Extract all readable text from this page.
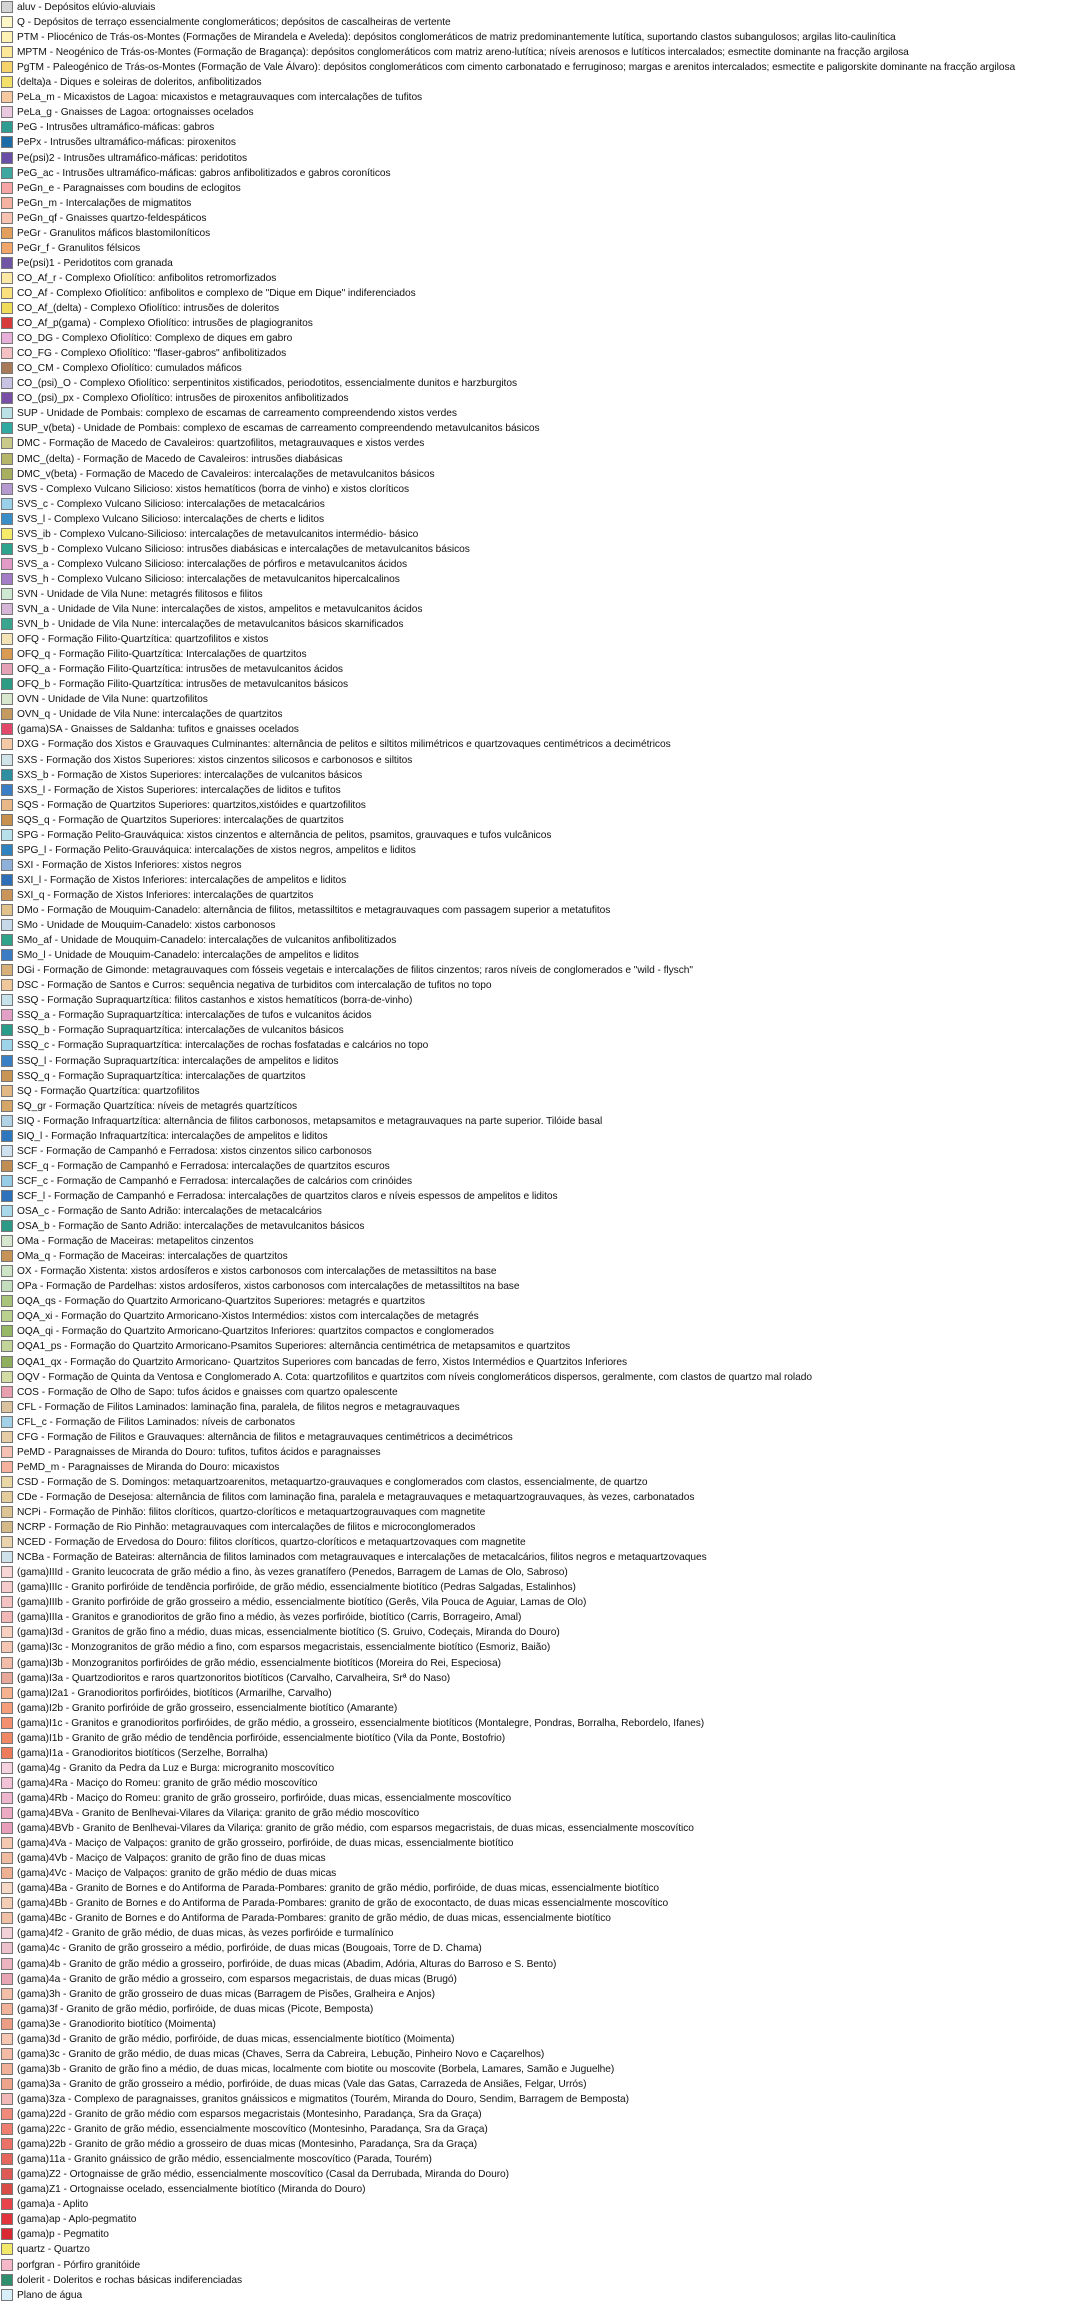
aluv - Depósitos elúvio-aluviais
Q - Depósitos de terraço essencialmente conglomeráticos; depósitos de cascalheiras de vertente
PTM - Pliocénico de Trás-os-Montes (Formações de Mirandela e Aveleda): depósitos conglomeráticos de matriz predominantemente lutítica, suportando clastos subangulosos; argilas lito-caulinítica
MPTM - Neogénico de Trás-os-Montes (Formação de Bragança): depósitos conglomeráticos com matriz areno-lutítica; níveis arenosos e lutíticos intercalados; esmectite dominante na fracção argilosa
PgTM - Paleogénico de Trás-os-Montes (Formação de Vale Álvaro): depósitos conglomeráticos com cimento carbonatado e ferruginoso; margas e arenitos intercalados; esmectite e paligorskite dominante na fracção argilosa
(delta)a - Diques e soleiras de doleritos, anfibolitizados
PeLa_m - Micaxistos de Lagoa: micaxistos e metagrauvaques com intercalações de tufitos
PeLa_g - Gnaisses de Lagoa: ortognaisses ocelados
PeG - Intrusões ultramáfico-máficas: gabros
PePx - Intrusões ultramáfico-máficas: piroxenitos
Pe(psi)2 - Intrusões ultramáfico-máficas: peridotitos
PeG_ac - Intrusões ultramáfico-máficas: gabros anfibolitizados e gabros coroníticos
PeGn_e - Paragnaisses com boudins de eclogitos
PeGn_m - Intercalações de migmatitos
PeGn_qf - Gnaisses quartzo-feldespáticos
PeGr - Granulitos máficos blastomiloníticos
PeGr_f - Granulitos félsicos
Pe(psi)1 - Peridotitos com granada
CO_Af_r - Complexo Ofiolítico: anfibolitos retromorfizados
CO_Af - Complexo Ofiolítico: anfibolitos e complexo de "Dique em Dique" indiferenciados
CO_Af_(delta) - Complexo Ofiolítico: intrusões de doleritos
CO_Af_p(gama) - Complexo Ofiolítico: intrusões de plagiogranitos
CO_DG - Complexo Ofiolítico: Complexo de diques em gabro
CO_FG - Complexo Ofiolítico: "flaser-gabros" anfibolitizados
CO_CM - Complexo Ofiolítico: cumulados máficos
CO_(psi)_O - Complexo Ofiolítico: serpentinitos xistificados, periodotitos, essencialmente dunitos e harzburgitos
CO_(psi)_px - Complexo Ofiolítico: intrusões de piroxenitos anfibolitizados
SUP - Unidade de Pombais: complexo de escamas de carreamento compreendendo xistos verdes
SUP_v(beta) - Unidade de Pombais: complexo de escamas de carreamento compreendendo metavulcanitos básicos
DMC - Formação de Macedo de Cavaleiros: quartzofilitos, metagrauvaques e xistos verdes
DMC_(delta) - Formação de Macedo de Cavaleiros: intrusões diabásicas
DMC_v(beta) - Formação de Macedo de Cavaleiros: intercalações de metavulcanitos básicos
SVS - Complexo Vulcano Silicioso: xistos hematíticos (borra de vinho) e xistos cloríticos
SVS_c - Complexo Vulcano Silicioso: intercalações de metacalcários
SVS_l - Complexo Vulcano Silicioso: intercalações de cherts e liditos
SVS_ib - Complexo Vulcano-Silicioso: intercalações de metavulcanitos intermédio- básico
SVS_b - Complexo Vulcano Silicioso: intrusões diabásicas e intercalações de metavulcanitos básicos
SVS_a - Complexo Vulcano Silicioso: intercalações de pórfiros e metavulcanitos ácidos
SVS_h - Complexo Vulcano Silicioso: intercalações de metavulcanitos hipercalcalinos
SVN - Unidade de Vila Nune: metagrés filitosos e filitos
SVN_a - Unidade de Vila Nune: intercalações de xistos, ampelitos e metavulcanitos ácidos
SVN_b - Unidade de Vila Nune: intercalações de metavulcanitos básicos skarnificados
OFQ - Formação Filito-Quartzítica: quartzofilitos e xistos
OFQ_q - Formação Filito-Quartzítica: Intercalações de quartzitos
OFQ_a - Formação Filito-Quartzítica: intrusões de metavulcanitos ácidos
OFQ_b - Formação Filito-Quartzítica: intrusões de metavulcanitos básicos
OVN - Unidade de Vila Nune: quartzofilitos
OVN_q - Unidade de Vila Nune: intercalações de quartzitos
(gama)SA - Gnaisses de Saldanha: tufitos e gnaisses ocelados
DXG - Formação dos Xistos e Grauvaques Culminantes: alternância de pelitos e siltitos milimétricos e quartzovaques centimétricos a decimétricos
SXS - Formação dos Xistos Superiores: xistos cinzentos silicosos e carbonosos e siltitos
SXS_b - Formação de Xistos Superiores: intercalações de vulcanitos básicos
SXS_l - Formação de Xistos Superiores: intercalações de liditos e tufitos
SQS - Formação de Quartzitos Superiores: quartzitos,xistóides e quartzofilitos
SQS_q - Formação de Quartzitos Superiores: intercalações de quartzitos
SPG - Formação Pelito-Grauváquica: xistos cinzentos e alternância de pelitos, psamitos, grauvaques e tufos vulcânicos
SPG_l - Formação Pelito-Grauváquica: intercalações de xistos negros, ampelitos e liditos
SXI - Formação de Xistos Inferiores: xistos negros
SXI_l - Formação de Xistos Inferiores: intercalações de ampelitos e liditos
SXI_q - Formação de Xistos Inferiores: intercalações de quartzitos
DMo - Formação de Mouquim-Canadelo: alternância de filitos, metassiltitos e metagrauvaques com passagem superior a metatufitos
SMo - Unidade de Mouquim-Canadelo: xistos carbonosos
SMo_af - Unidade de Mouquim-Canadelo: intercalações de vulcanitos anfibolitizados
SMo_l - Unidade de Mouquim-Canadelo: intercalações de ampelitos e liditos
DGi - Formação de Gimonde: metagrauvaques com fósseis vegetais e intercalações de filitos cinzentos; raros níveis de conglomerados e "wild - flysch"
DSC - Formação de Santos e Curros: sequência negativa de turbiditos com intercalação de tufitos no topo
SSQ - Formação Supraquartzítica: filitos castanhos e xistos hematíticos (borra-de-vinho)
SSQ_a - Formação Supraquartzítica: intercalações de tufos e vulcanitos ácidos
SSQ_b - Formação Supraquartzítica: intercalações de vulcanitos básicos
SSQ_c - Formação Supraquartzítica: intercalações de rochas fosfatadas e calcários no topo
SSQ_l - Formação Supraquartzítica: intercalações de ampelitos e liditos
SSQ_q - Formação Supraquartzítica: intercalações de quartzitos
SQ - Formação Quartzítica: quartzofilitos
SQ_gr - Formação Quartzítica: níveis de metagrés quartzíticos
SIQ - Formação Infraquartzítica: alternância de filitos carbonosos, metapsamitos e metagrauvaques na parte superior. Tilóide basal
SIQ_l - Formação Infraquartzítica: intercalações de ampelitos e liditos
SCF - Formação de Campanhó e Ferradosa: xistos cinzentos silico carbonosos
SCF_q - Formação de Campanhó e Ferradosa: intercalações de quartzitos escuros
SCF_c - Formação de Campanhó e Ferradosa: intercalações de calcários com crinóides
SCF_l - Formação de Campanhó e Ferradosa: intercalações de quartzitos claros e níveis espessos de ampelitos e liditos
OSA_c - Formação de Santo Adrião: intercalações de metacalcários
OSA_b - Formação de Santo Adrião: intercalações de metavulcanitos básicos
OMa - Formação de Maceiras: metapelitos cinzentos
OMa_q - Formação de Maceiras: intercalações de quartzitos
OX - Formação Xistenta: xistos ardosíferos e xistos carbonosos com intercalações de metassiltitos na base
OPa - Formação de Pardelhas: xistos ardosíferos, xistos carbonosos com intercalações de metassiltitos na base
OQA_qs - Formação do Quartzito Armoricano-Quartzitos Superiores: metagrés e quartzitos
OQA_xi - Formação do Quartzito Armoricano-Xistos Intermédios: xistos com intercalações de metagrés
OQA_qi - Formação do Quartzito Armoricano-Quartzitos Inferiores: quartzitos compactos e conglomerados
OQA1_ps - Formação do Quartzito Armoricano-Psamitos Superiores: alternância centimétrica de metapsamitos e quartzitos
OQA1_qx - Formação do Quartzito Armoricano- Quartzitos Superiores com bancadas de ferro, Xistos Intermédios e Quartzitos Inferiores
OQV - Formação de Quinta da Ventosa e Conglomerado A. Cota: quartzofilitos e quartzitos com níveis conglomeráticos dispersos, geralmente, com clastos de quartzo mal rolado
COS - Formação de Olho de Sapo: tufos ácidos e gnaisses com quartzo opalescente
CFL - Formação de Filitos Laminados: laminação fina, paralela, de filitos negros e metagrauvaques
CFL_c - Formação de Filitos Laminados: níveis de carbonatos
CFG - Formação de Filitos e Grauvaques: alternância de filitos e metagrauvaques centimétricos a decimétricos
PeMD - Paragnaisses de Miranda do Douro: tufitos, tufitos ácidos e paragnaisses
PeMD_m - Paragnaisses de Miranda do Douro: micaxistos
CSD - Formação de S. Domingos: metaquartzoarenitos, metaquartzo-grauvaques e conglomerados com clastos, essencialmente, de quartzo
CDe - Formação de Desejosa: alternância de filitos com laminação fina, paralela e metagrauvaques e metaquartzograuvaques, às vezes, carbonatados
NCPi - Formação de Pinhão: filitos cloríticos, quartzo-cloríticos e metaquartzograuvaques com magnetite
NCRP - Formação de Rio Pinhão: metagrauvaques com intercalações de filitos e microconglomerados
NCED - Formação de Ervedosa do Douro: filitos cloríticos, quartzo-cloríticos e metaquartzovaques com magnetite
NCBa - Formação de Bateiras: alternância de filitos laminados com metagrauvaques e intercalações de metacalcários, filitos negros e metaquartzovaques
(gama)IIId - Granito leucocrata de grão médio a fino, às vezes granatífero (Penedos, Barragem de Lamas de Olo, Sabroso)
(gama)IIIc - Granito porfiróide de tendência porfiróide, de grão médio, essencialmente biotítico (Pedras Salgadas, Estalinhos)
(gama)IIIb - Granito porfiróide de grão grosseiro a médio, essencialmente biotítico (Gerês, Vila Pouca de Aguiar, Lamas de Olo)
(gama)IIIa - Granitos e granodioritos de grão fino a médio, às vezes porfiróide, biotítico (Carris, Borrageiro, Amal)
(gama)I3d - Granitos de grão fino a médio, duas micas, essencialmente biotítico (S. Gruivo, Codeçais, Miranda do Douro)
(gama)I3c - Monzogranitos de grão médio a fino, com esparsos megacristais, essencialmente biotítico (Esmoriz, Baião)
(gama)I3b - Monzogranitos porfiróides de grão médio, essencialmente biotíticos (Moreira do Rei, Especiosa)
(gama)I3a - Quartzodioritos e raros quartzonoritos biotíticos (Carvalho, Carvalheira, Srª do Naso)
(gama)I2a1 - Granodioritos porfiróides, biotíticos (Armarilhe, Carvalho)
(gama)I2b - Granito porfiróide de grão grosseiro, essencialmente biotítico (Amarante)
(gama)I1c - Granitos e granodioritos porfiróides, de grão médio, a grosseiro, essencialmente biotíticos (Montalegre, Pondras, Borralha, Rebordelo, Ifanes)
(gama)I1b - Granito de grão médio de tendência porfiróide, essencialmente biotítico (Vila da Ponte, Bostofrio)
(gama)I1a - Granodioritos biotíticos (Serzelhe, Borralha)
(gama)4g - Granito da Pedra da Luz e Burga: microgranito moscovítico
(gama)4Ra - Maciço do Romeu: granito de grão médio moscovítico
(gama)4Rb - Maciço do Romeu: granito de grão grosseiro, porfiróide, duas micas, essencialmente moscovítico
(gama)4BVa - Granito de Benlhevai-Vilares da Vilariça: granito de grão médio moscovítico
(gama)4BVb - Granito de Benlhevai-Vilares da Vilariça: granito de grão médio, com esparsos megacristais, de duas micas, essencialmente moscovítico
(gama)4Va - Maciço de Valpaços: granito de grão grosseiro, porfiróide, de duas micas, essencialmente biotítico
(gama)4Vb - Maciço de Valpaços: granito de grão fino de duas micas
(gama)4Vc - Maciço de Valpaços: granito de grão médio de duas micas
(gama)4Ba - Granito de Bornes e do Antiforma de Parada-Pombares: granito de grão médio, porfiróide, de duas micas, essencialmente biotítico
(gama)4Bb - Granito de Bornes e do Antiforma de Parada-Pombares: granito de grão de exocontacto, de duas micas essencialmente moscovítico
(gama)4Bc - Granito de Bornes e do Antiforma de Parada-Pombares: granito de grão médio, de duas micas, essencialmente biotítico
(gama)4f2 - Granito de grão médio, de duas micas, às vezes porfiróide e turmalínico
(gama)4c - Granito de grão grosseiro a médio, porfiróide, de duas micas (Bougoais, Torre de D. Chama)
(gama)4b - Granito de grão médio a grosseiro, porfiróide, de duas micas (Abadim, Adória, Alturas do Barroso e S. Bento)
(gama)4a - Granito de grão médio a grosseiro, com esparsos megacristais, de duas micas (Brugó)
(gama)3h - Granito de grão grosseiro de duas micas (Barragem de Pisões, Gralheira e Anjos)
(gama)3f - Granito de grão médio, porfiróide, de duas micas (Picote, Bemposta)
(gama)3e - Granodiorito biotítico (Moimenta)
(gama)3d - Granito de grão médio, porfiróide, de duas micas, essencialmente biotítico (Moimenta)
(gama)3c - Granito de grão médio, de duas micas (Chaves, Serra da Cabreira, Lebução, Pinheiro Novo e Caçarelhos)
(gama)3b - Granito de grão fino a médio, de duas micas, localmente com biotite ou moscovite (Borbela, Lamares, Samão e Juguelhe)
(gama)3a - Granito de grão grosseiro a médio, porfiróide, de duas micas (Vale das Gatas, Carrazeda de Ansiães, Felgar, Urrós)
(gama)3za - Complexo de paragnaisses, granitos gnáissicos e migmatitos (Tourém, Miranda do Douro, Sendim, Barragem de Bemposta)
(gama)22d - Granito de grão médio com esparsos megacristais (Montesinho, Paradança, Sra da Graça)
(gama)22c - Granito de grão médio, essencialmente moscovítico (Montesinho, Paradança, Sra da Graça)
(gama)22b - Granito de grão médio a grosseiro de duas micas (Montesinho, Paradança, Sra da Graça)
(gama)11a - Granito gnáissico de grão médio, essencialmente moscovítico (Parada, Tourém)
(gama)Z2 - Ortognaisse de grão médio, essencialmente moscovítico (Casal da Derrubada, Miranda do Douro)
(gama)Z1 - Ortognaisse ocelado, essencialmente biotítico (Miranda do Douro)
(gama)a - Aplito
(gama)ap - Aplo-pegmatito
(gama)p - Pegmatito
quartz - Quartzo
porfgran - Pórfiro granitóide
dolerit - Doleritos e rochas básicas indiferenciadas
Plano de água
